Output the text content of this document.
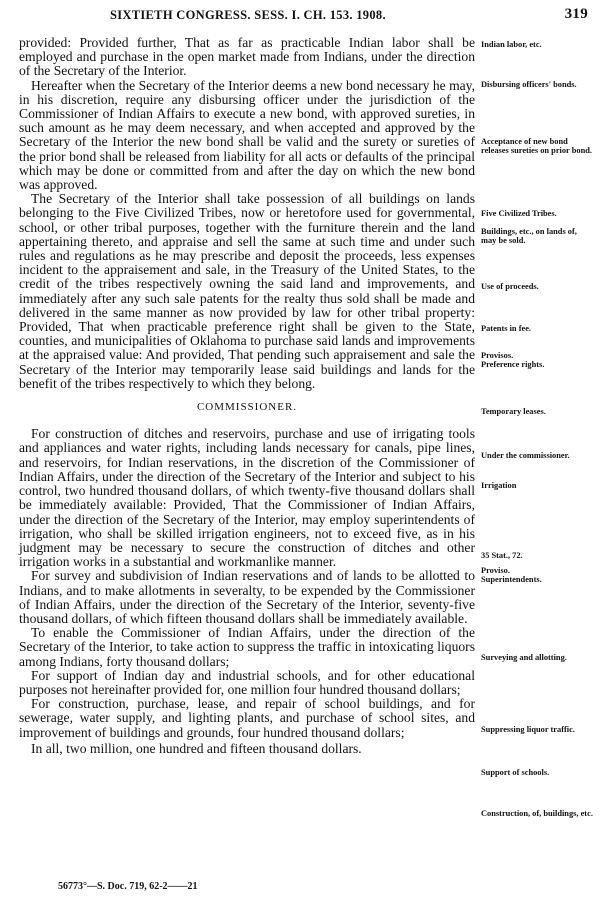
SIXTIETH CONGRESS. SESS. I. CH. 153. 1908.	319

provided: Provided further, That as far as practicable Indian labor shall be employed and purchase in the open market made from Indians, under the direction of the Secretary of the Interior.

Hereafter when the Secretary of the Interior deems a new bond necessary he may, in his discretion, require any disbursing officer under the jurisdiction of the Commissioner of Indian Affairs to execute a new bond, with approved sureties, in such amount as he may deem necessary, and when accepted and approved by the Secretary of the Interior the new bond shall be valid and the surety or sureties of the prior bond shall be released from liability for all acts or defaults of the principal which may be done or committed from and after the day on which the new bond was approved.

The Secretary of the Interior shall take possession of all buildings on lands belonging to the Five Civilized Tribes, now or heretofore used for governmental, school, or other tribal purposes, together with the furniture therein and the land appertaining thereto, and appraise and sell the same at such time and under such rules and regulations as he may prescribe and deposit the proceeds, less expenses incident to the appraisement and sale, in the Treasury of the United States, to the credit of the tribes respectively owning the said land and improvements, and immediately after any such sale patents for the realty thus sold shall be made and delivered in the same manner as now provided by law for other tribal property: Provided, That when practicable preference right shall be given to the State, counties, and municipalities of Oklahoma to purchase said lands and improvements at the appraised value: And provided, That pending such appraisement and sale the Secretary of the Interior may temporarily lease said buildings and lands for the benefit of the tribes respectively to which they belong.

COMMISSIONER.

For construction of ditches and reservoirs, purchase and use of irrigating tools and appliances and water rights, including lands necessary for canals, pipe lines, and reservoirs, for Indian reservations, in the discretion of the Commissioner of Indian Affairs, under the direction of the Secretary of the Interior and subject to his control, two hundred thousand dollars, of which twenty-five thousand dollars shall be immediately available: Provided, That the Commissioner of Indian Affairs, under the direction of the Secretary of the Interior, may employ superintendents of irrigation, who shall be skilled irrigation engineers, not to exceed five, as in his judgment may be necessary to secure the construction of ditches and other irrigation works in a substantial and workmanlike manner.

For survey and subdivision of Indian reservations and of lands to be allotted to Indians, and to make allotments in severalty, to be expended by the Commissioner of Indian Affairs, under the direction of the Secretary of the Interior, seventy-five thousand dollars, of which fifteen thousand dollars shall be immediately available.

To enable the Commissioner of Indian Affairs, under the direction of the Secretary of the Interior, to take action to suppress the traffic in intoxicating liquors among Indians, forty thousand dollars;

For support of Indian day and industrial schools, and for other educational purposes not hereinafter provided for, one million four hundred thousand dollars;

For construction, purchase, lease, and repair of school buildings, and for sewerage, water supply, and lighting plants, and purchase of school sites, and improvement of buildings and grounds, four hundred thousand dollars;

In all, two million, one hundred and fifteen thousand dollars.

Indian labor, etc.
Disbursing officers' bonds.
Acceptance of new bond releases sureties on prior bond.
Five Civilized Tribes.
Buildings, etc., on lands of, may be sold.
Use of proceeds.
Patents in fee.
Provisos.
Preference rights.
Temporary leases.
Under the commissioner.
Irrigation
35 Stat., 72.
Proviso.
Superintendents.
Surveying and allotting.
Suppressing liquor traffic.
Support of schools.
Construction, of, buildings, etc.
56773°—S. Doc. 719, 62-2——21
